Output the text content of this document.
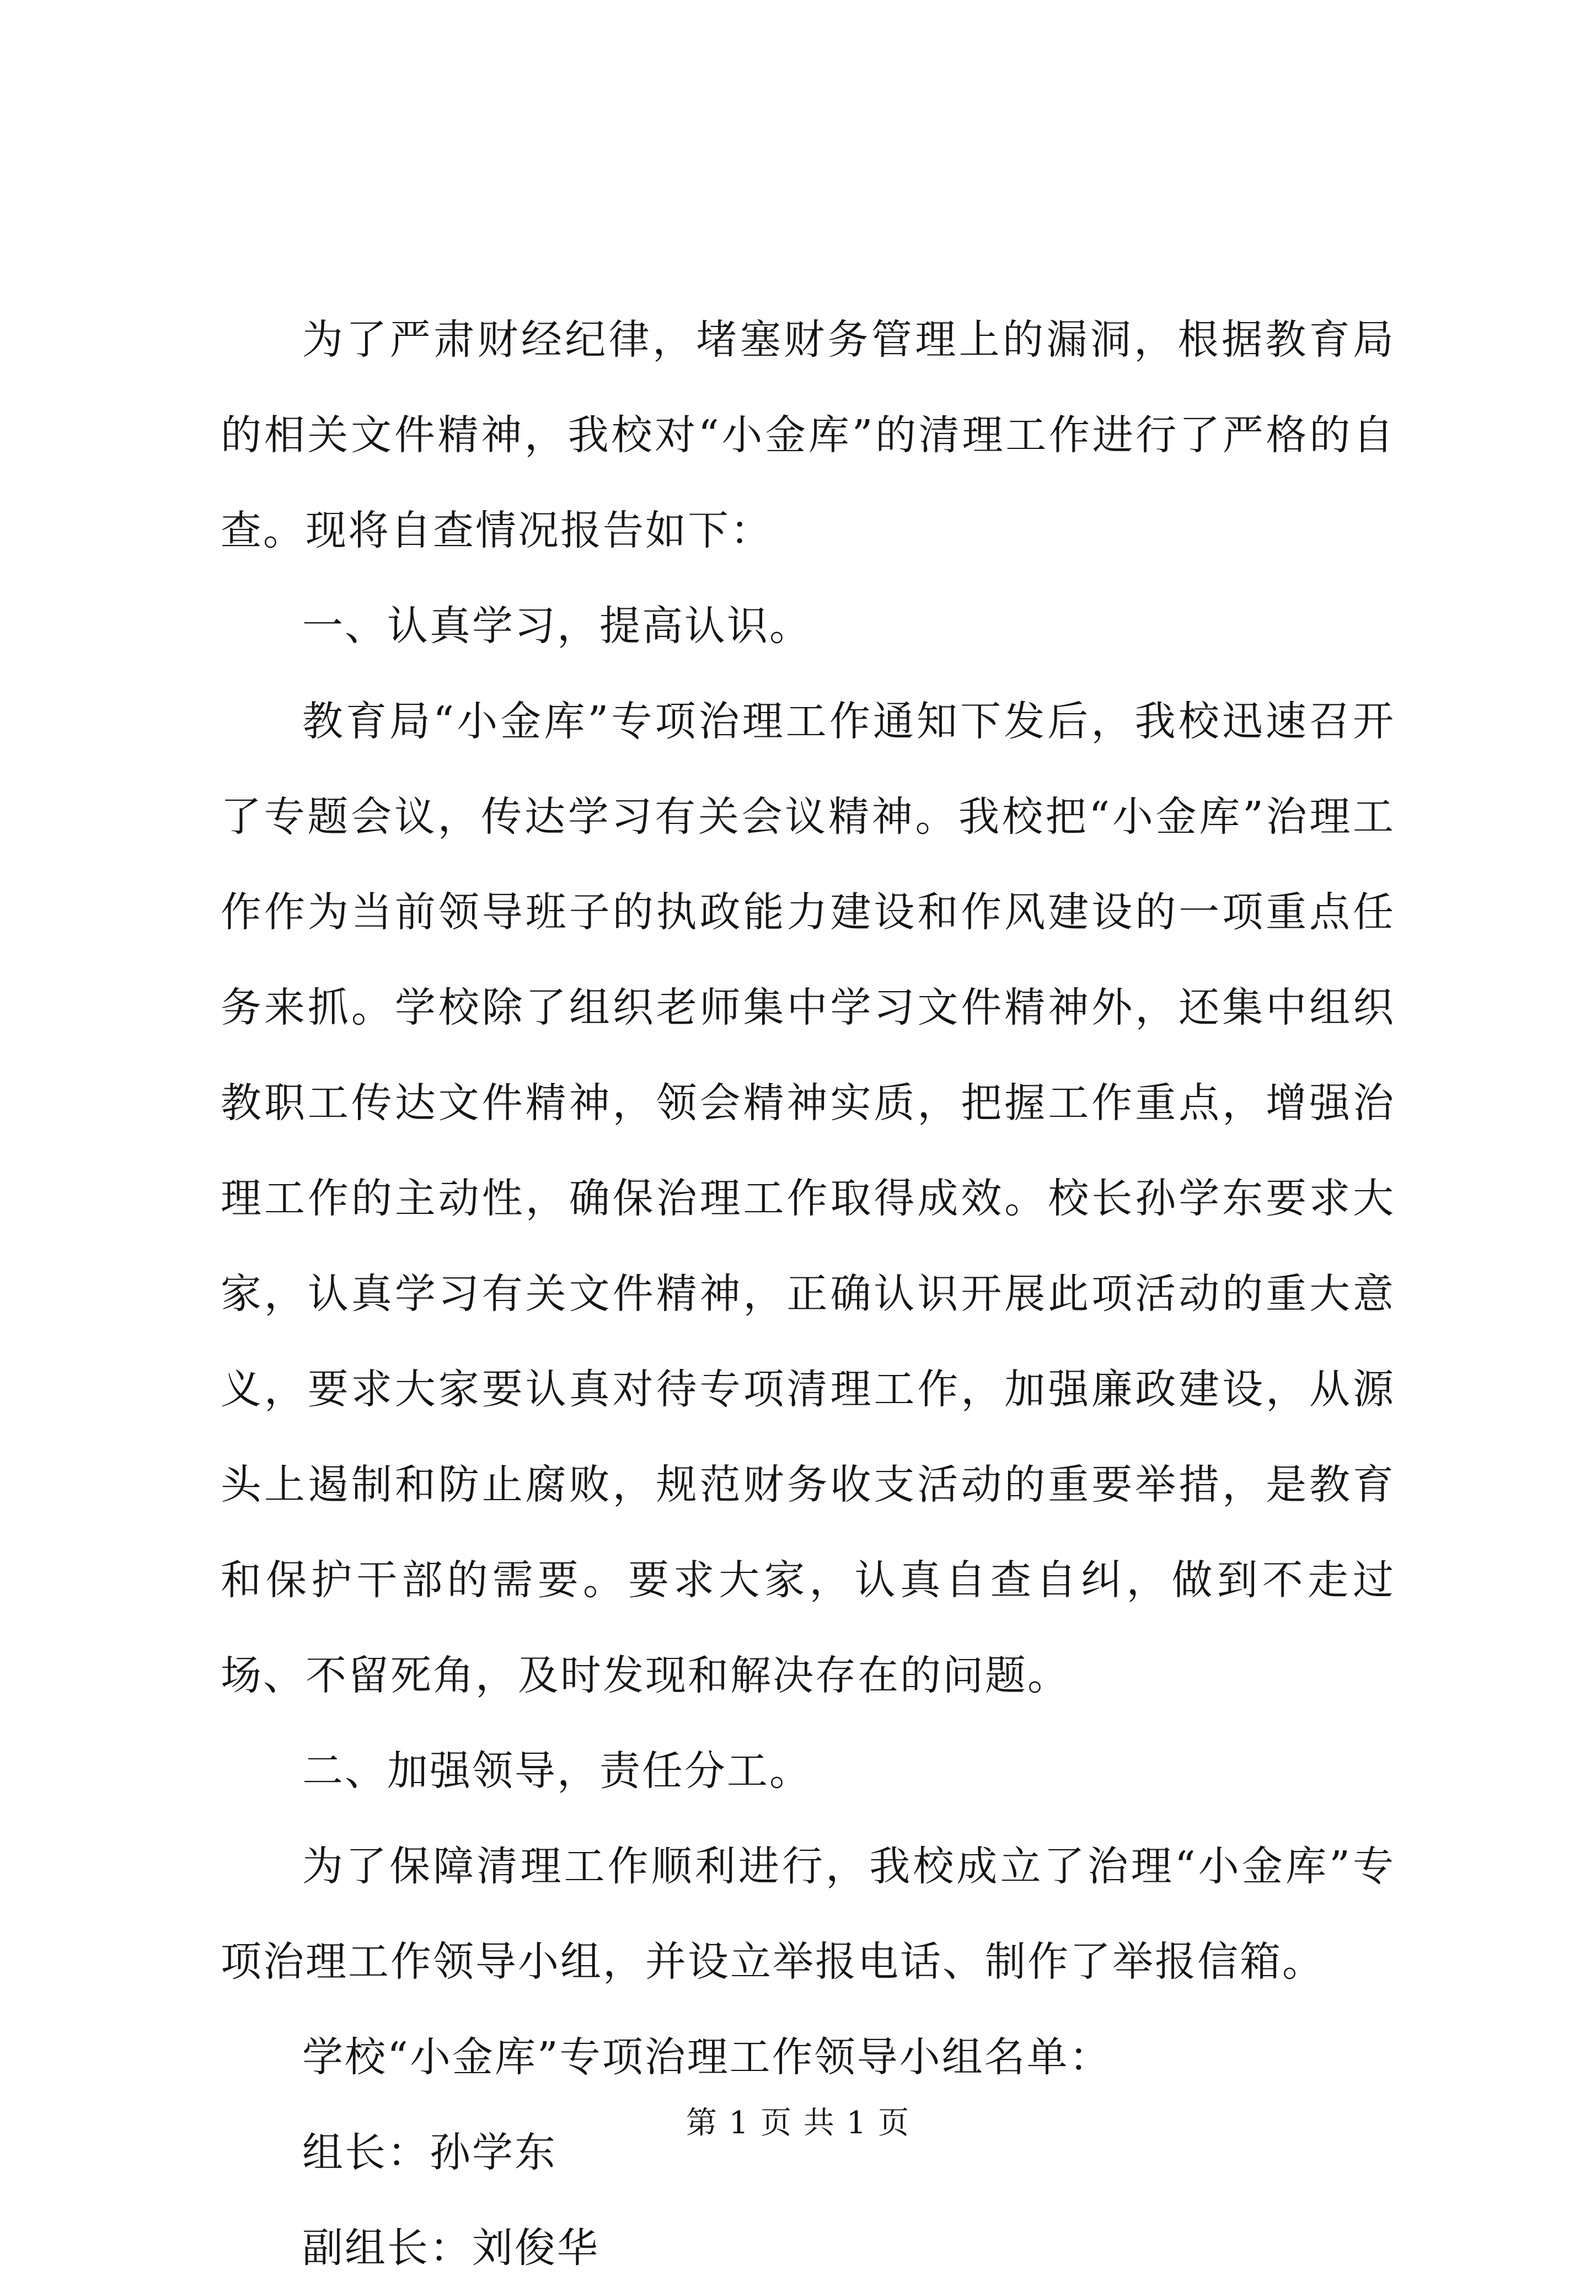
为了严肃财经纪律，堵塞财务管理上的漏洞，根据教育局的相关文件精神，我校对“小金库”的清理工作进行了严格的自查。现将自查情况报告如下：

一、认真学习，提高认识。

教育局“小金库”专项治理工作通知下发后，我校迅速召开了专题会议，传达学习有关会议精神。我校把“小金库”治理工作作为当前领导班子的执政能力建设和作风建设的一项重点任务来抓。学校除了组织老师集中学习文件精神外，还集中组织教职工传达文件精神，领会精神实质，把握工作重点，增强治理工作的主动性，确保治理工作取得成效。校长孙学东要求大家，认真学习有关文件精神，正确认识开展此项活动的重大意义，要求大家要认真对待专项清理工作，加强廉政建设，从源头上遏制和防止腐败，规范财务收支活动的重要举措，是教育和保护干部的需要。要求大家，认真自查自纠，做到不走过场、不留死角，及时发现和解决存在的问题。

二、加强领导，责任分工。

为了保障清理工作顺利进行，我校成立了治理“小金库”专项治理工作领导小组，并设立举报电话、制作了举报信箱。

学校“小金库”专项治理工作领导小组名单：

组长：孙学东

副组长：刘俊华

第 1 页 共 1 页
